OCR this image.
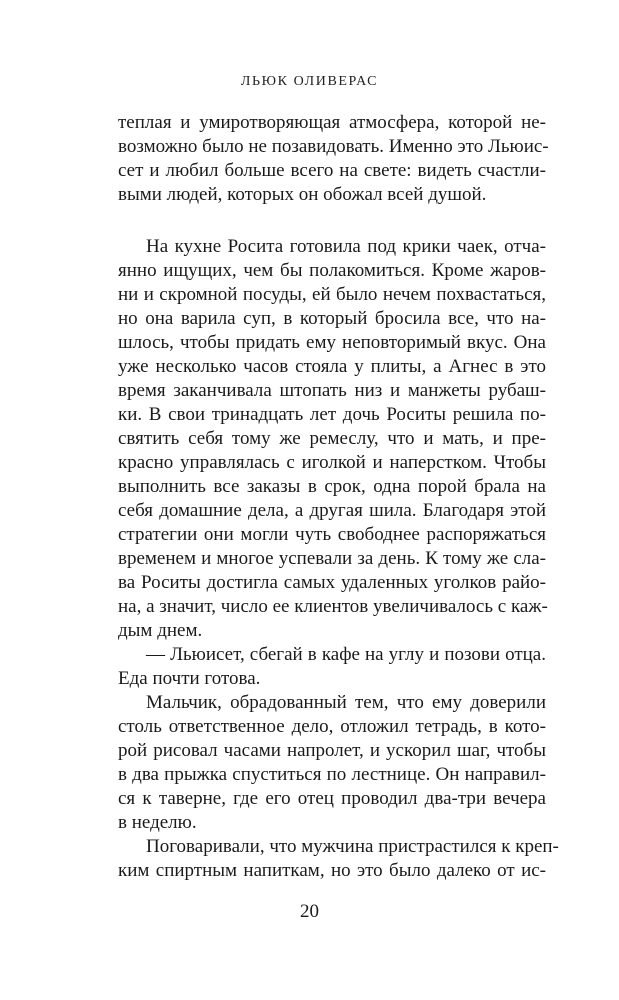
ЛЬЮК ОЛИВЕРАС
теплая и умиротворяющая атмосфера, которой не-
возможно было не позавидовать. Именно это Льюис-
сет и любил больше всего на свете: видеть счастли-
выми людей, которых он обожал всей душой.
На кухне Росита готовила под крики чаек, отча-
янно ищущих, чем бы полакомиться. Кроме жаров-
ни и скромной посуды, ей было нечем похвастаться,
но она варила суп, в который бросила все, что на-
шлось, чтобы придать ему неповторимый вкус. Она
уже несколько часов стояла у плиты, а Агнес в это
время заканчивала штопать низ и манжеты рубаш-
ки. В свои тринадцать лет дочь Роситы решила по-
святить себя тому же ремеслу, что и мать, и пре-
красно управлялась с иголкой и наперстком. Чтобы
выполнить все заказы в срок, одна порой брала на
себя домашние дела, а другая шила. Благодаря этой
стратегии они могли чуть свободнее распоряжаться
временем и многое успевали за день. К тому же сла-
ва Роситы достигла самых удаленных уголков райо-
на, а значит, число ее клиентов увеличивалось с каж-
дым днем.
— Льюисет, сбегай в кафе на углу и позови отца.
Еда почти готова.
Мальчик, обрадованный тем, что ему доверили
столь ответственное дело, отложил тетрадь, в кото-
рой рисовал часами напролет, и ускорил шаг, чтобы
в два прыжка спуститься по лестнице. Он направил-
ся к таверне, где его отец проводил два-три вечера
в неделю.
Поговаривали, что мужчина пристрастился к креп-
ким спиртным напиткам, но это было далеко от ис-
20
